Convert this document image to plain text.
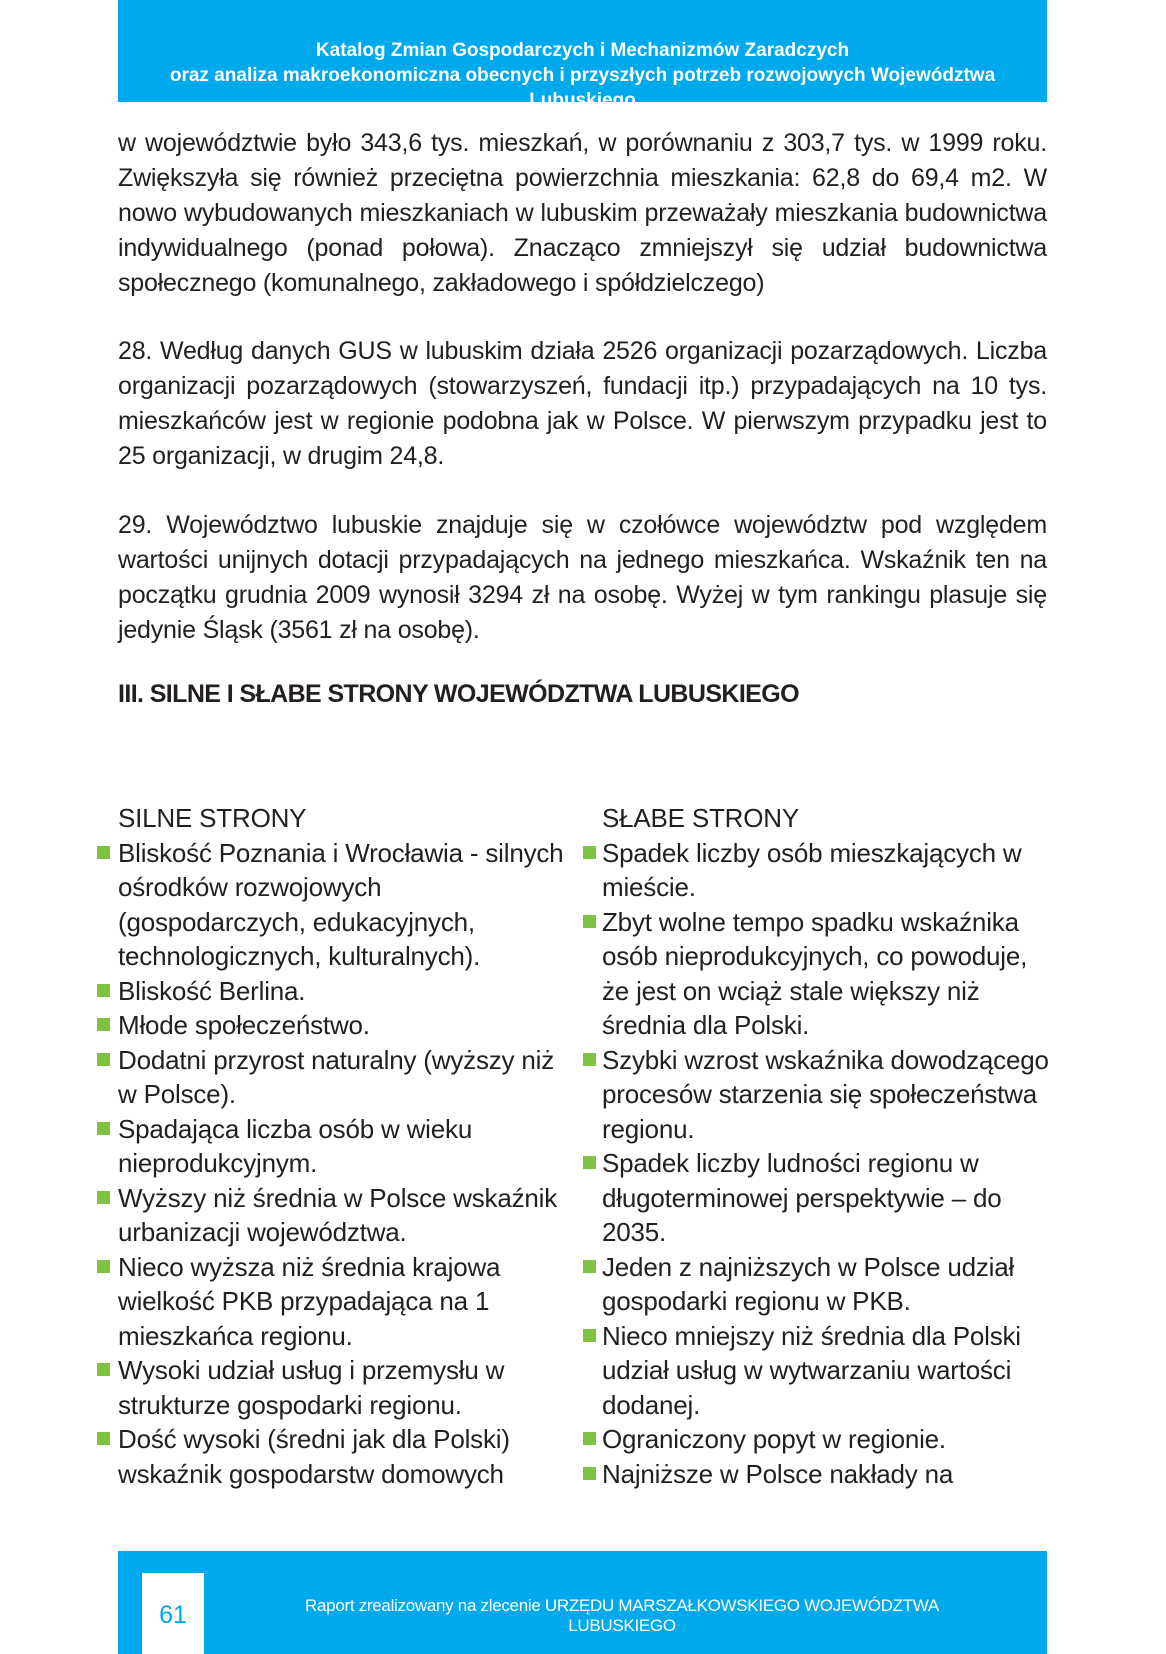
Katalog Zmian Gospodarczych i Mechanizmów Zaradczych
oraz analiza makroekonomiczna obecnych i przyszłych potrzeb rozwojowych Województwa Lubuskiego
w województwie było 343,6 tys. mieszkań, w porównaniu z 303,7 tys. w 1999 roku. Zwiększyła się również przeciętna powierzchnia mieszkania: 62,8 do 69,4 m2. W nowo wybudowanych mieszkaniach w lubuskim przeważały mieszkania budownictwa indywidualnego (ponad połowa). Znacząco zmniejszył się udział budownictwa społecznego (komunalnego, zakładowego i spółdzielczego)
28. Według danych GUS w lubuskim działa 2526 organizacji pozarządowych. Liczba organizacji pozarządowych (stowarzyszeń, fundacji itp.) przypadających na 10 tys. mieszkańców jest w regionie podobna jak w Polsce. W pierwszym przypadku jest to 25 organizacji, w drugim 24,8.
29. Województwo lubuskie znajduje się w czołówce województw pod względem wartości unijnych dotacji przypadających na jednego mieszkańca. Wskaźnik ten na początku grudnia 2009 wynosił 3294 zł na osobę. Wyżej w tym rankingu plasuje się jedynie Śląsk (3561 zł na osobę).
III. SILNE I SŁABE STRONY WOJEWÓDZTWA LUBUSKIEGO
SILNE STRONY
Bliskość Poznania i Wrocławia - silnych ośrodków rozwojowych (gospodarczych, edukacyjnych, technologicznych, kulturalnych).
Bliskość Berlina.
Młode społeczeństwo.
Dodatni przyrost naturalny (wyższy niż w Polsce).
Spadająca liczba osób w wieku nieprodukcyjnym.
Wyższy niż średnia w Polsce wskaźnik urbanizacji województwa.
Nieco wyższa niż średnia krajowa wielkość PKB przypadająca na 1 mieszkańca regionu.
Wysoki udział usług i przemysłu w strukturze gospodarki regionu.
Dość wysoki (średni jak dla Polski) wskaźnik gospodarstw domowych
SŁABE STRONY
Spadek liczby osób mieszkających w mieście.
Zbyt wolne tempo spadku wskaźnika osób nieprodukcyjnych, co powoduje, że jest on wciąż stale większy niż średnia dla Polski.
Szybki wzrost wskaźnika dowodzącego procesów starzenia się społeczeństwa regionu.
Spadek liczby ludności regionu w długoterminowej perspektywie – do 2035.
Jeden z najniższych w Polsce udział gospodarki regionu w PKB.
Nieco mniejszy niż średnia dla Polski udział usług w wytwarzaniu wartości dodanej.
Ograniczony popyt w regionie.
Najniższe w Polsce nakłady na
61	Raport zrealizowany na zlecenie URZĘDU MARSZAŁKOWSKIEGO WOJEWÓDZTWA LUBUSKIEGO
